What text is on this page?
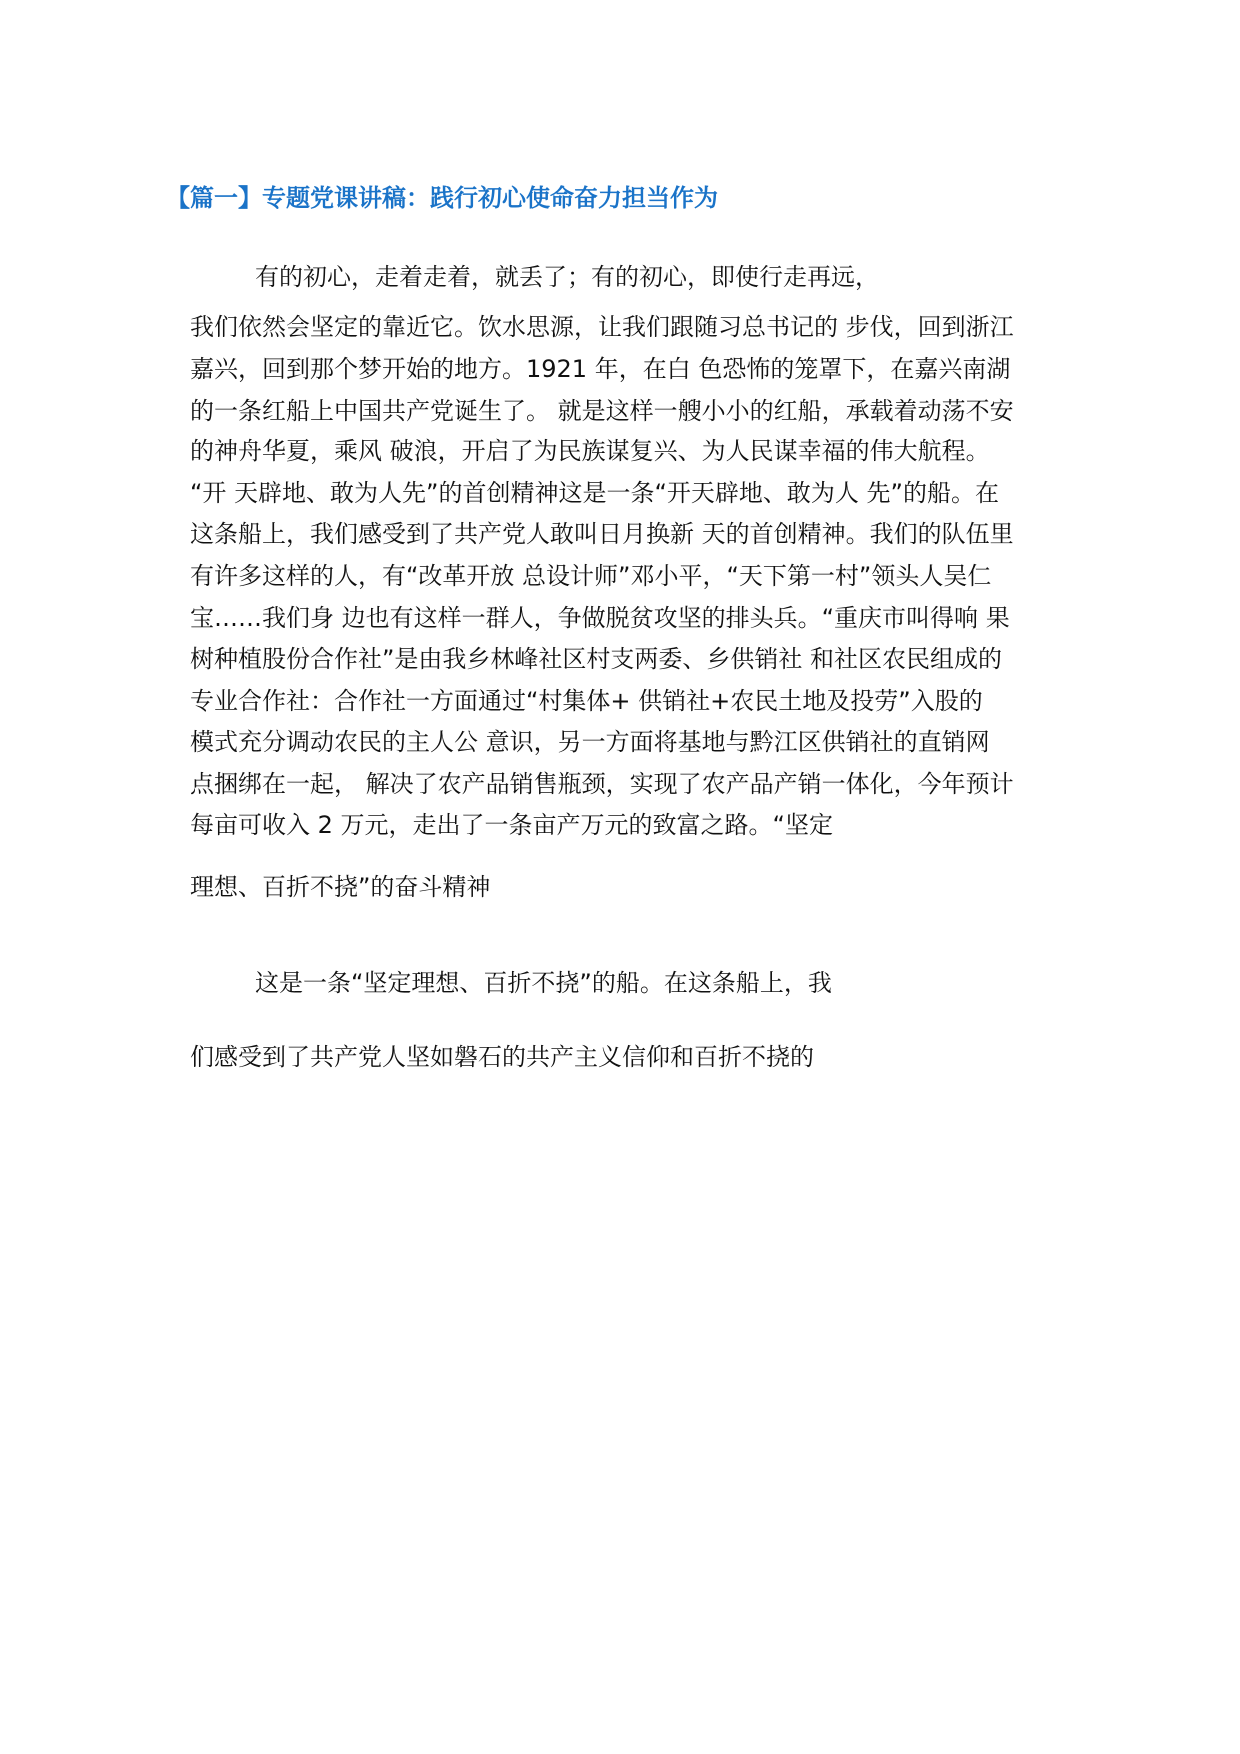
【篇一】专题党课讲稿：践行初心使命奋力担当作为
有的初心，走着走着，就丢了；有的初心，即使行走再远，
我们依然会坚定的靠近它。饮水思源，让我们跟随习总书记的 步伐，回到浙江
嘉兴，回到那个梦开始的地方。1921 年，在白 色恐怖的笼罩下，在嘉兴南湖
的一条红船上中国共产党诞生了。 就是这样一艘小小的红船，承载着动荡不安
的神舟华夏，乘风 破浪，开启了为民族谋复兴、为人民谋幸福的伟大航程。
“开 天辟地、敢为人先”的首创精神这是一条“开天辟地、敢为人 先”的船。在
这条船上，我们感受到了共产党人敢叫日月换新 天的首创精神。我们的队伍里
有许多这样的人，有“改革开放 总设计师”邓小平，“天下第一村”领头人吴仁
宝……我们身 边也有这样一群人，争做脱贫攻坚的排头兵。“重庆市叫得响 果
树种植股份合作社”是由我乡林峰社区村支两委、乡供销社 和社区农民组成的
专业合作社：合作社一方面通过“村集体+ 供销社+农民土地及投劳”入股的
模式充分调动农民的主人公 意识，另一方面将基地与黔江区供销社的直销网
点捆绑在一起， 解决了农产品销售瓶颈，实现了农产品产销一体化，今年预计
每亩可收入 2 万元，走出了一条亩产万元的致富之路。“坚定
理想、百折不挠”的奋斗精神
这是一条“坚定理想、百折不挠”的船。在这条船上，我
们感受到了共产党人坚如磐石的共产主义信仰和百折不挠的
